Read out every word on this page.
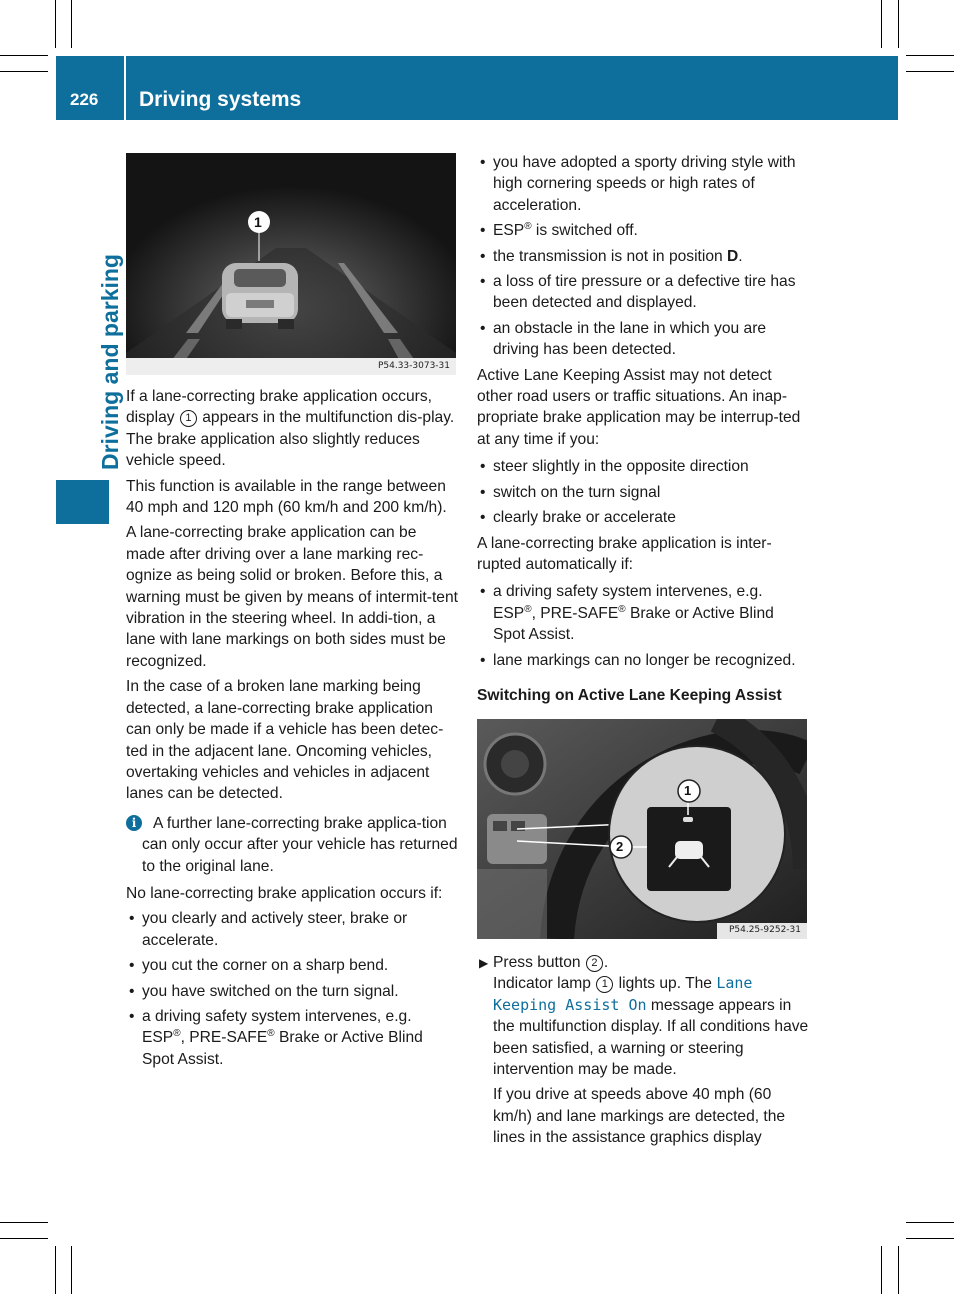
226	Driving systems
Driving and parking	P54.33-3073-31
1

If a lane-correcting brake application occurs, display 1 appears in the multifunction dis-play. The brake application also slightly reduces vehicle speed.

This function is available in the range between 40 mph and 120 mph (60 km/h and 200 km/h).

A lane-correcting brake application can be made after driving over a lane marking rec-ognize as being solid or broken. Before this, a warning must be given by means of intermit-tent vibration in the steering wheel. In addi-tion, a lane with lane markings on both sides must be recognized.

In the case of a broken lane marking being detected, a lane-correcting brake application can only be made if a vehicle has been detec-ted in the adjacent lane. Oncoming vehicles, overtaking vehicles and vehicles in adjacent lanes can be detected.

i	A further lane-correcting brake applica-tion can only occur after your vehicle has returned to the original lane.

No lane-correcting brake application occurs if:

• you clearly and actively steer, brake or accelerate.
• you cut the corner on a sharp bend.
• you have switched on the turn signal.
• a driving safety system intervenes, e.g. ESP®, PRE-SAFE® Brake or Active Blind Spot Assist.
• you have adopted a sporty driving style with high cornering speeds or high rates of acceleration.
• ESP® is switched off.
• the transmission is not in position D.
• a loss of tire pressure or a defective tire has been detected and displayed.
• an obstacle in the lane in which you are driving has been detected.

Active Lane Keeping Assist may not detect other road users or traffic situations. An inap-propriate brake application may be interrup-ted at any time if you:

• steer slightly in the opposite direction
• switch on the turn signal
• clearly brake or accelerate

A lane-correcting brake application is inter-rupted automatically if:

• a driving safety system intervenes, e.g. ESP®, PRE-SAFE® Brake or Active Blind Spot Assist.
• lane markings can no longer be recognized.
Switching on Active Lane Keeping Assist
1
2
P54.25-9252-31
▶ Press button 2 .

Indicator lamp 1 lights up. The Lane Keeping Assist On message appears in the multifunction display. If all conditions have been satisfied, a warning or steering intervention may be made.

If you drive at speeds above 40 mph (60 km/h) and lane markings are detected, the lines in the assistance graphics display
